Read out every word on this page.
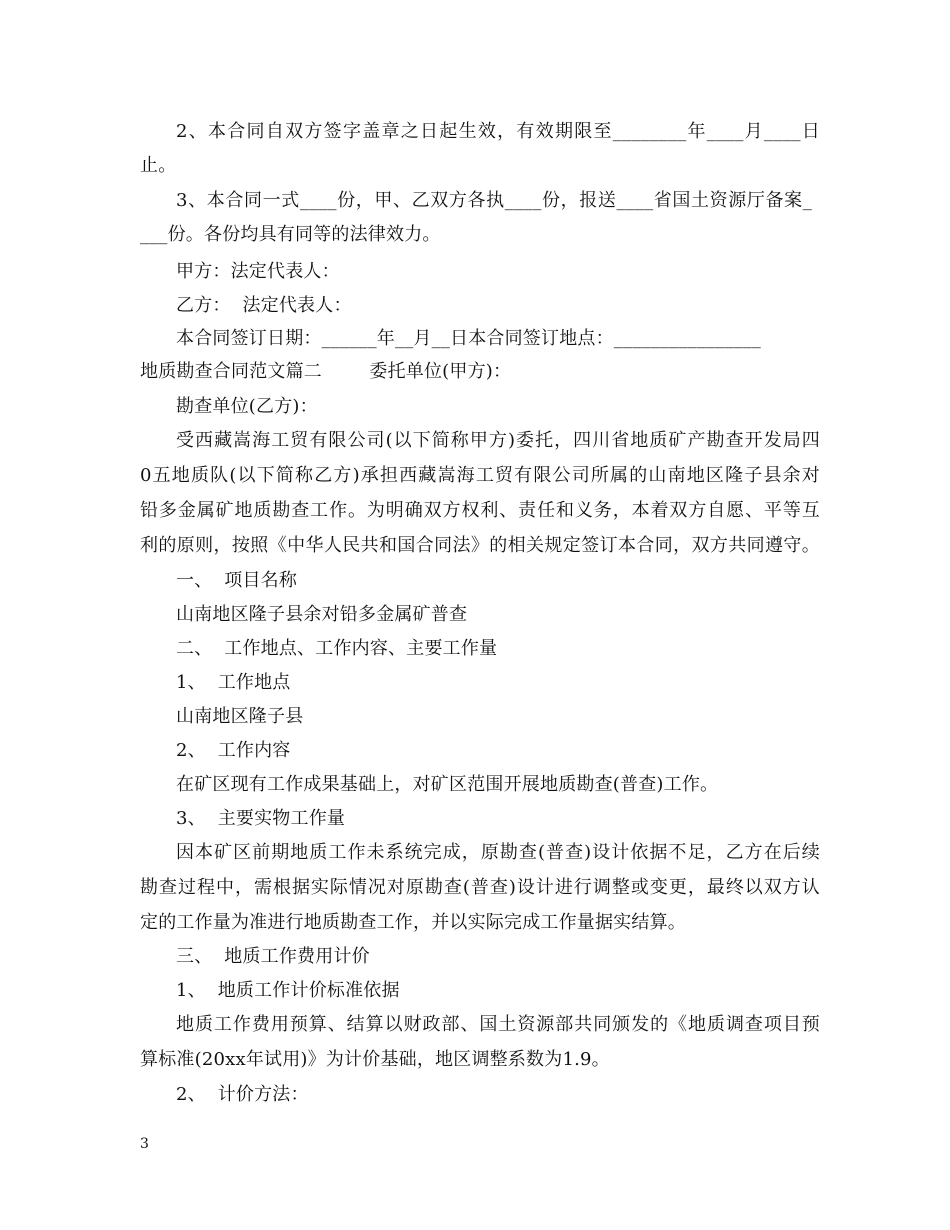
2、本合同自双方签字盖章之日起生效，有效期限至________年____月____日
止。
3、本合同一式____份，甲、乙双方各执____份，报送____省国土资源厅备案_
___份。各份均具有同等的法律效力。
甲方：法定代表人：
乙方：  法定代表人：
本合同签订日期：______年__月__日本合同签订地点：________________
地质勘查合同范文篇二        委托单位(甲方)：
勘查单位(乙方)：
受西藏嵩海工贸有限公司(以下简称甲方)委托，四川省地质矿产勘查开发局四
0五地质队(以下简称乙方)承担西藏嵩海工贸有限公司所属的山南地区隆子县余对
铅多金属矿地质勘查工作。为明确双方权利、责任和义务，本着双方自愿、平等互
利的原则，按照《中华人民共和国合同法》的相关规定签订本合同，双方共同遵守。
一、  项目名称
山南地区隆子县余对铅多金属矿普查
二、  工作地点、工作内容、主要工作量
1、  工作地点
山南地区隆子县
2、  工作内容
在矿区现有工作成果基础上，对矿区范围开展地质勘查(普查)工作。
3、  主要实物工作量
因本矿区前期地质工作未系统完成，原勘查(普查)设计依据不足，乙方在后续
勘查过程中，需根据实际情况对原勘查(普查)设计进行调整或变更，最终以双方认
定的工作量为准进行地质勘查工作，并以实际完成工作量据实结算。
三、  地质工作费用计价
1、  地质工作计价标准依据
地质工作费用预算、结算以财政部、国土资源部共同颁发的《地质调查项目预
算标准(20xx年试用)》为计价基础，地区调整系数为1.9。
2、  计价方法：
3
